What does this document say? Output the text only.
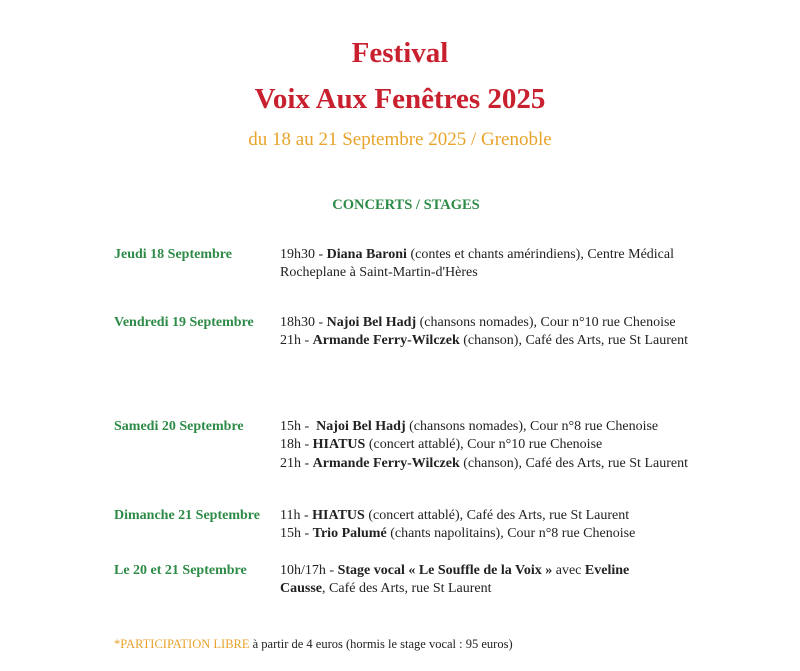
Festival
Voix Aux Fenêtres 2025
du 18 au 21 Septembre 2025 / Grenoble
CONCERTS / STAGES
Jeudi 18 Septembre	19h30 - Diana Baroni (contes et chants amérindiens), Centre Médical Rocheplane à Saint-Martin-d'Hères
Vendredi 19 Septembre 18h30 - Najoi Bel Hadj (chansons nomades), Cour n°10 rue Chenoise
21h - Armande Ferry-Wilczek (chanson), Café des Arts, rue St Laurent
Samedi 20 Septembre	15h -  Najoi Bel Hadj (chansons nomades), Cour n°8 rue Chenoise
18h - HIATUS (concert attablé), Cour n°10 rue Chenoise
21h - Armande Ferry-Wilczek (chanson), Café des Arts, rue St Laurent
Dimanche 21 Septembre 11h - HIATUS (concert attablé), Café des Arts, rue St Laurent
15h - Trio Palumé (chants napolitains), Cour n°8 rue Chenoise
Le 20 et 21 Septembre 10h/17h - Stage vocal « Le Souffle de la Voix » avec Eveline Causse, Café des Arts, rue St Laurent
*PARTICIPATION LIBRE à partir de 4 euros (hormis le stage vocal : 95 euros)
